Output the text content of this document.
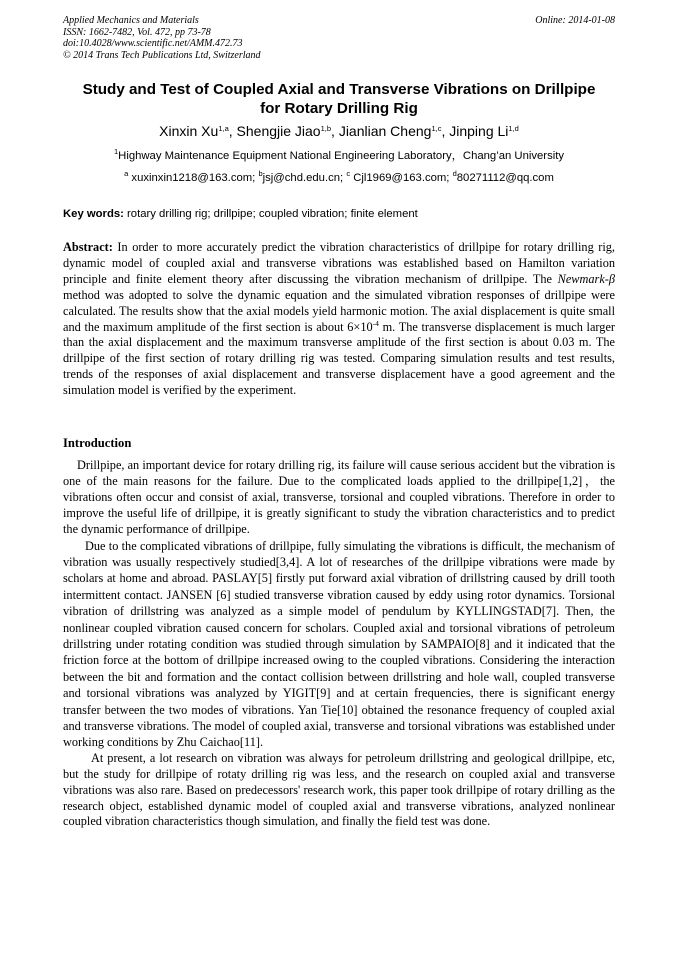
Applied Mechanics and Materials
ISSN: 1662-7482, Vol. 472, pp 73-78
doi:10.4028/www.scientific.net/AMM.472.73
© 2014 Trans Tech Publications Ltd, Switzerland
Online: 2014-01-08
Study and Test of Coupled Axial and Transverse Vibrations on Drillpipe
for Rotary Drilling Rig
Xinxin Xu$^{1,a}$, Shengjie Jiao$^{1,b}$, Jianlian Cheng$^{1,c}$, Jinping Li$^{1,d}$
$^1$Highway Maintenance Equipment National Engineering Laboratory，Chang’an University
$^a$ xuxinxin1218@163.com; $^b$jsj@chd.edu.cn; $^c$ Cjl1969@163.com; $^d$80271112@qq.com
Key words: rotary drilling rig; drillpipe; coupled vibration; finite element
Abstract: In order to more accurately predict the vibration characteristics of drillpipe for rotary drilling rig, dynamic model of coupled axial and transverse vibrations was established based on Hamilton variation principle and finite element theory after discussing the vibration mechanism of drillpipe. The Newmark-β method was adopted to solve the dynamic equation and the simulated vibration responses of drillpipe were calculated. The results show that the axial models yield harmonic motion. The axial displacement is quite small and the maximum amplitude of the first section is about $6\times 10^{-4}$ m. The transverse displacement is much larger than the axial displacement and the maximum transverse amplitude of the first section is about 0.03 m. The drillpipe of the first section of rotary drilling rig was tested. Comparing simulation results and test results, trends of the responses of axial displacement and transverse displacement have a good agreement and the simulation model is verified by the experiment.
Introduction

Drillpipe, an important device for rotary drilling rig, its failure will cause serious accident but the vibration is one of the main reasons for the failure. Due to the complicated loads applied to the drillpipe[1,2]，the vibrations often occur and consist of axial, transverse, torsional and coupled vibrations. Therefore in order to improve the useful life of drillpipe, it is greatly significant to study the vibration characteristics and to predict the dynamic performance of drillpipe.

Due to the complicated vibrations of drillpipe, fully simulating the vibrations is difficult, the mechanism of vibration was usually respectively studied[3,4]. A lot of researches of the drillpipe vibrations were made by scholars at home and abroad. PASLAY[5] firstly put forward axial vibration of drillstring caused by drill tooth intermittent contact. JANSEN [6] studied transverse vibration caused by eddy using rotor dynamics. Torsional vibration of drillstring was analyzed as a simple model of pendulum by KYLLINGSTAD[7]. Then, the nonlinear coupled vibration caused concern for scholars. Coupled axial and torsional vibrations of petroleum drillstring under rotating condition was studied through simulation by SAMPAIO[8] and it indicated that the friction force at the bottom of drillpipe increased owing to the coupled vibrations. Considering the interaction between the bit and formation and the contact collision between drillstring and hole wall, coupled transverse and torsional vibrations was analyzed by YIGIT[9] and at certain frequencies, there is significant energy transfer between the two modes of vibrations. Yan Tie[10] obtained the resonance frequency of coupled axial and transverse vibrations. The model of coupled axial, transverse and torsional vibrations was established under working conditions by Zhu Caichao[11].

At present, a lot research on vibration was always for petroleum drillstring and geological drillpipe, etc, but the study for drillpipe of rotaty drilling rig was less, and the research on coupled axial and transverse vibrations was also rare. Based on predecessors' research work, this paper took drillpipe of rotary drilling as the research object, established dynamic model of coupled axial and transverse vibrations, analyzed nonlinear coupled vibration characteristics though simulation, and finally the field test was done.
